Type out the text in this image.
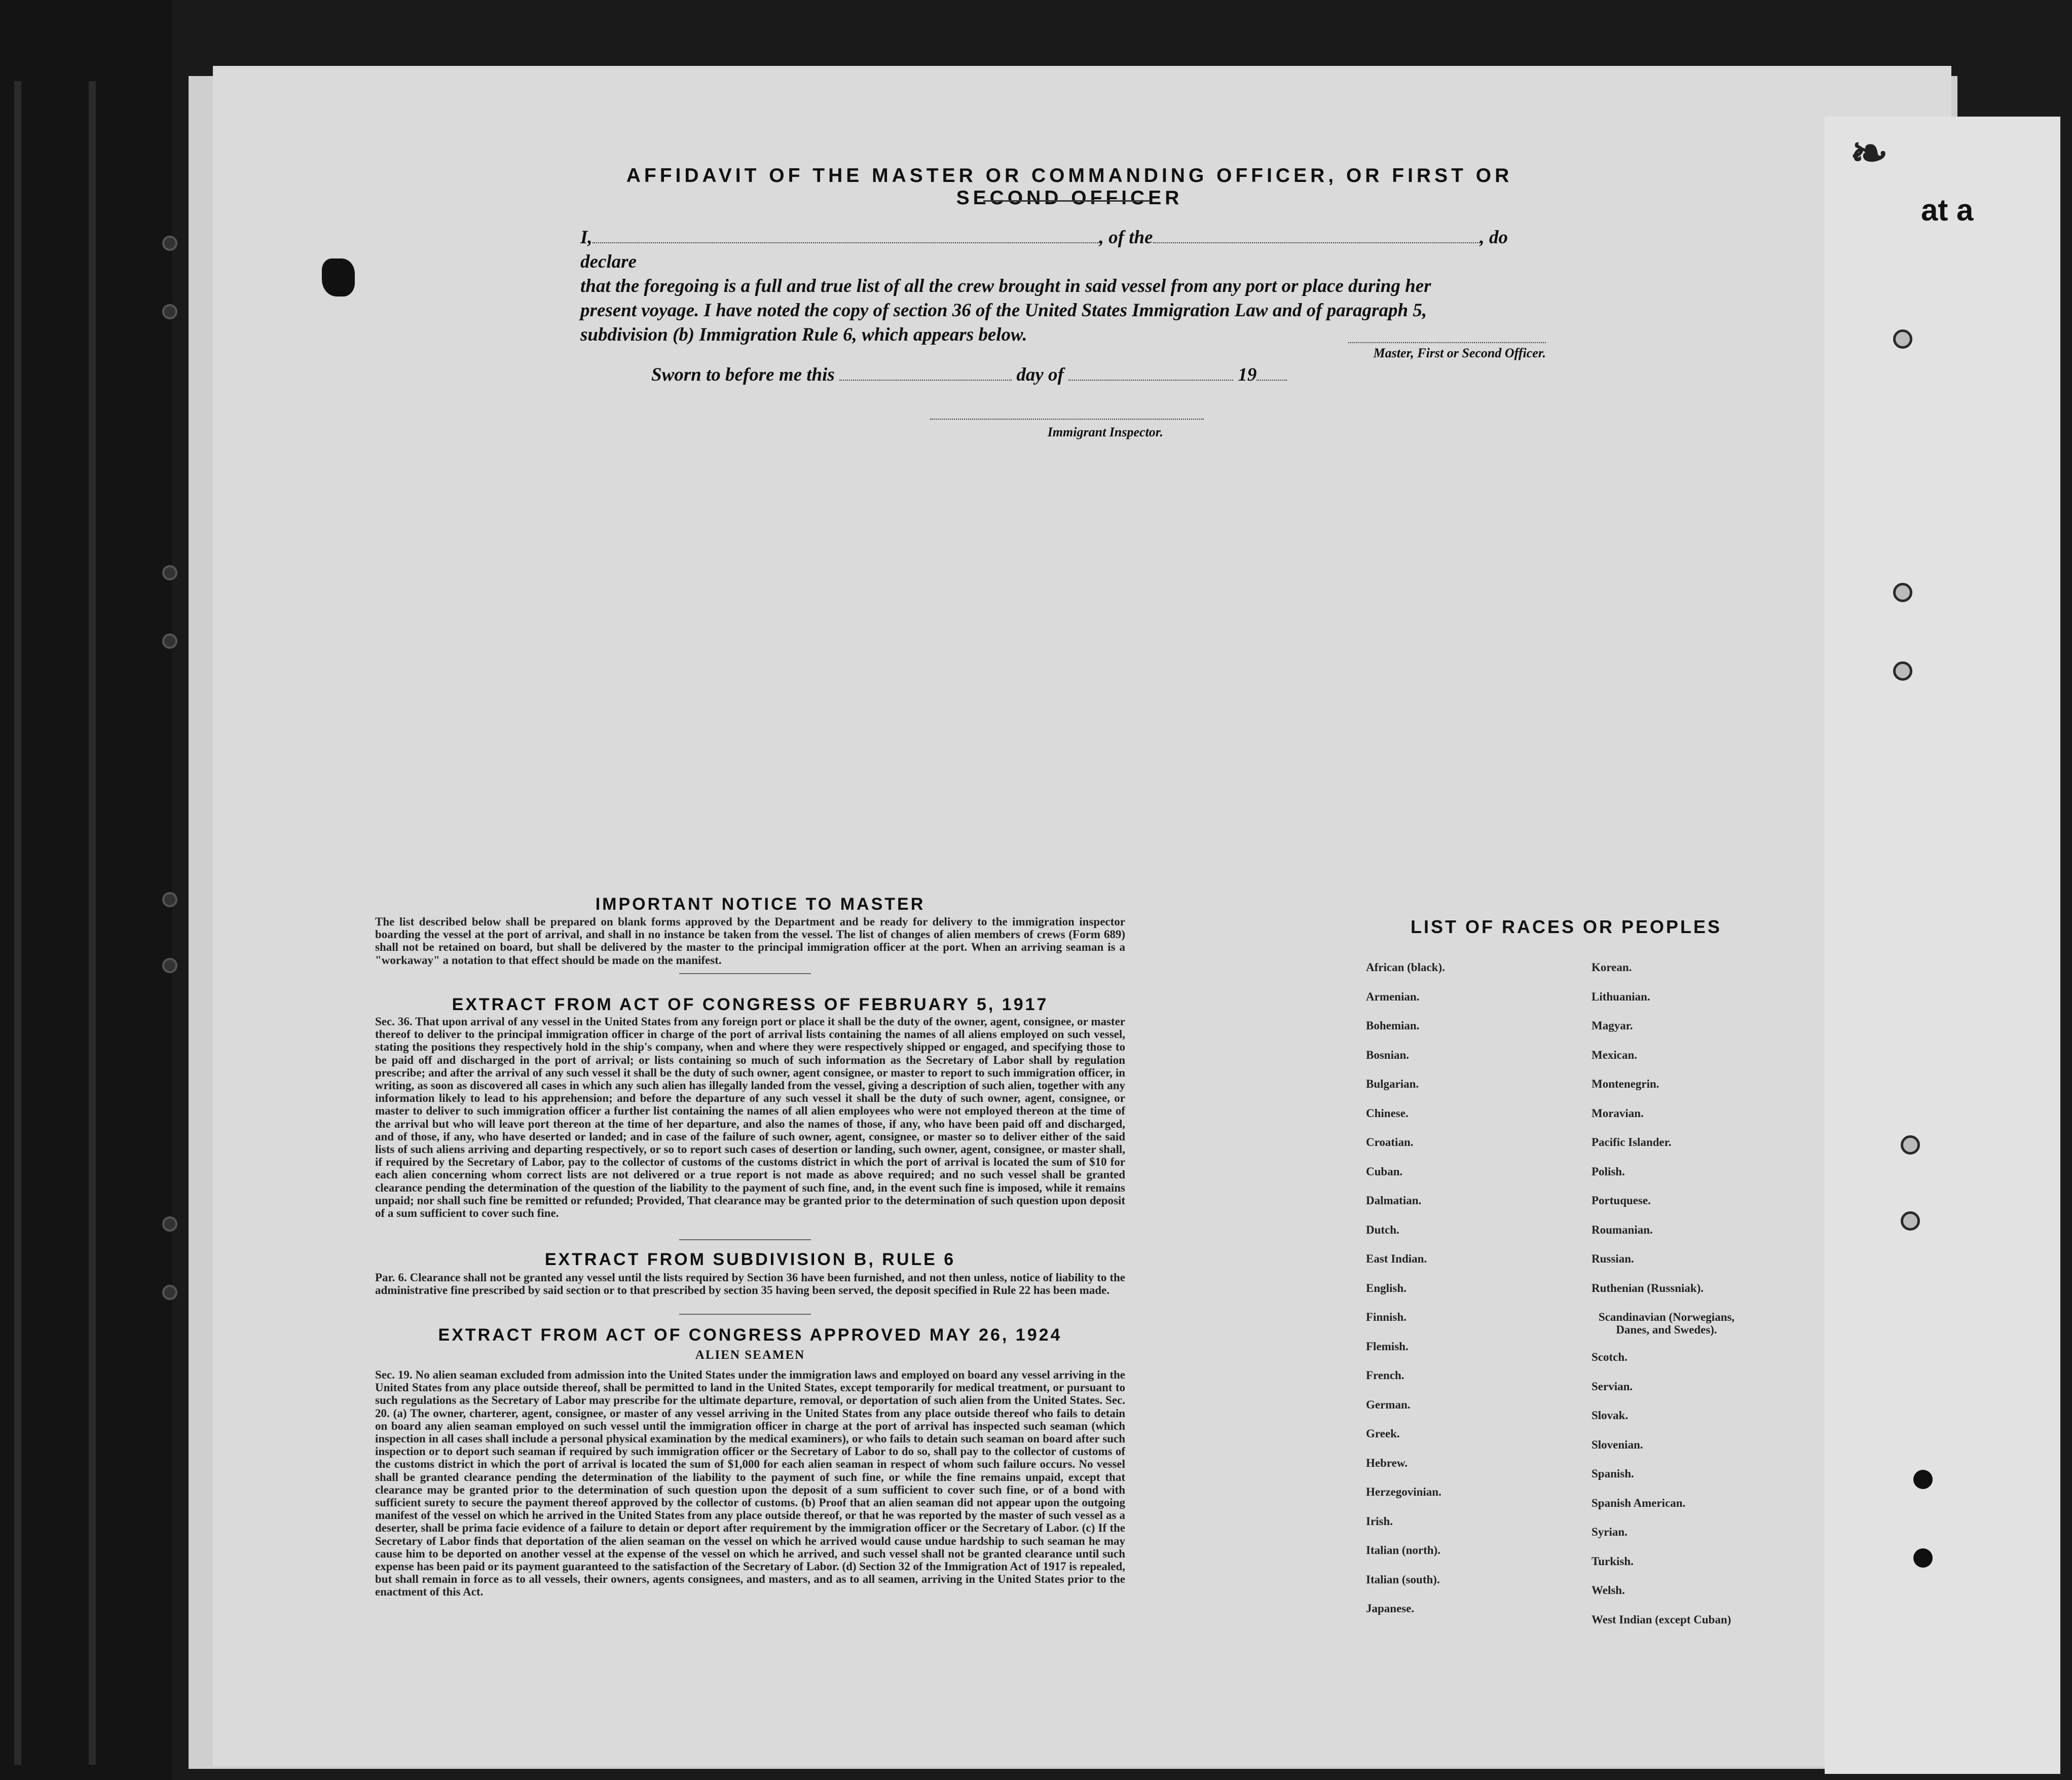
❧
at a
AFFIDAVIT OF THE MASTER OR COMMANDING OFFICER, OR FIRST OR SECOND OFFICER
I,	, of the	, do declare
that the foregoing is a full and true list of all the crew brought in said vessel from any port or place during her
present voyage. I have noted the copy of section 36 of the United States Immigration Law and of paragraph 5,
subdivision (b) Immigration Rule 6, which appears below.
Master, First or Second Officer.
Sworn to before me this	day of	19
Immigrant Inspector.
IMPORTANT NOTICE TO MASTER
The list described below shall be prepared on blank forms approved by the Department and be ready for delivery to the immigration inspector boarding the vessel at the port of arrival, and shall in no instance be taken from the vessel. The list of changes of alien members of crews (Form 689) shall not be retained on board, but shall be delivered by the master to the principal immigration officer at the port. When an arriving seaman is a "workaway" a notation to that effect should be made on the manifest.
EXTRACT FROM ACT OF CONGRESS OF FEBRUARY 5, 1917
Sec. 36. That upon arrival of any vessel in the United States from any foreign port or place it shall be the duty of the owner, agent, consignee, or master thereof to deliver to the principal immigration officer in charge of the port of arrival lists containing the names of all aliens employed on such vessel, stating the positions they respectively hold in the ship's company, when and where they were respectively shipped or engaged, and specifying those to be paid off and discharged in the port of arrival; or lists containing so much of such information as the Secretary of Labor shall by regulation prescribe; and after the arrival of any such vessel it shall be the duty of such owner, agent consignee, or master to report to such immigration officer, in writing, as soon as discovered all cases in which any such alien has illegally landed from the vessel, giving a description of such alien, together with any information likely to lead to his apprehension; and before the departure of any such vessel it shall be the duty of such owner, agent, consignee, or master to deliver to such immigration officer a further list containing the names of all alien employees who were not employed thereon at the time of the arrival but who will leave port thereon at the time of her departure, and also the names of those, if any, who have been paid off and discharged, and of those, if any, who have deserted or landed; and in case of the failure of such owner, agent, consignee, or master so to deliver either of the said lists of such aliens arriving and departing respectively, or so to report such cases of desertion or landing, such owner, agent, consignee, or master shall, if required by the Secretary of Labor, pay to the collector of customs of the customs district in which the port of arrival is located the sum of $10 for each alien concerning whom correct lists are not delivered or a true report is not made as above required; and no such vessel shall be granted clearance pending the determination of the question of the liability to the payment of such fine, and, in the event such fine is imposed, while it remains unpaid; nor shall such fine be remitted or refunded; Provided, That clearance may be granted prior to the determination of such question upon deposit of a sum sufficient to cover such fine.
EXTRACT FROM SUBDIVISION B, RULE 6
Par. 6. Clearance shall not be granted any vessel until the lists required by Section 36 have been furnished, and not then unless, notice of liability to the administrative fine prescribed by said section or to that prescribed by section 35 having been served, the deposit specified in Rule 22 has been made.
EXTRACT FROM ACT OF CONGRESS APPROVED MAY 26, 1924
ALIEN SEAMEN
Sec. 19. No alien seaman excluded from admission into the United States under the immigration laws and employed on board any vessel arriving in the United States from any place outside thereof, shall be permitted to land in the United States, except temporarily for medical treatment, or pursuant to such regulations as the Secretary of Labor may prescribe for the ultimate departure, removal, or deportation of such alien from the United States. Sec. 20. (a) The owner, charterer, agent, consignee, or master of any vessel arriving in the United States from any place outside thereof who fails to detain on board any alien seaman employed on such vessel until the immigration officer in charge at the port of arrival has inspected such seaman (which inspection in all cases shall include a personal physical examination by the medical examiners), or who fails to detain such seaman on board after such inspection or to deport such seaman if required by such immigration officer or the Secretary of Labor to do so, shall pay to the collector of customs of the customs district in which the port of arrival is located the sum of $1,000 for each alien seaman in respect of whom such failure occurs. No vessel shall be granted clearance pending the determination of the liability to the payment of such fine, or while the fine remains unpaid, except that clearance may be granted prior to the determination of such question upon the deposit of a sum sufficient to cover such fine, or of a bond with sufficient surety to secure the payment thereof approved by the collector of customs. (b) Proof that an alien seaman did not appear upon the outgoing manifest of the vessel on which he arrived in the United States from any place outside thereof, or that he was reported by the master of such vessel as a deserter, shall be prima facie evidence of a failure to detain or deport after requirement by the immigration officer or the Secretary of Labor. (c) If the Secretary of Labor finds that deportation of the alien seaman on the vessel on which he arrived would cause undue hardship to such seaman he may cause him to be deported on another vessel at the expense of the vessel on which he arrived, and such vessel shall not be granted clearance until such expense has been paid or its payment guaranteed to the satisfaction of the Secretary of Labor. (d) Section 32 of the Immigration Act of 1917 is repealed, but shall remain in force as to all vessels, their owners, agents consignees, and masters, and as to all seamen, arriving in the United States prior to the enactment of this Act.
LIST OF RACES OR PEOPLES
African (black).
Armenian.
Bohemian.
Bosnian.
Bulgarian.
Chinese.
Croatian.
Cuban.
Dalmatian.
Dutch.
East Indian.
English.
Finnish.
Flemish.
French.
German.
Greek.
Hebrew.
Herzegovinian.
Irish.
Italian (north).
Italian (south).
Japanese.
Korean.
Lithuanian.
Magyar.
Mexican.
Montenegrin.
Moravian.
Pacific Islander.
Polish.
Portuquese.
Roumanian.
Russian.
Ruthenian (Russniak).
Scotch.
Servian.
Slovak.
Slovenian.
Spanish.
Spanish American.
Syrian.
Turkish.
Welsh.
West Indian (except Cuban)
Scandinavian (Norwegians,
Danes, and Swedes).
